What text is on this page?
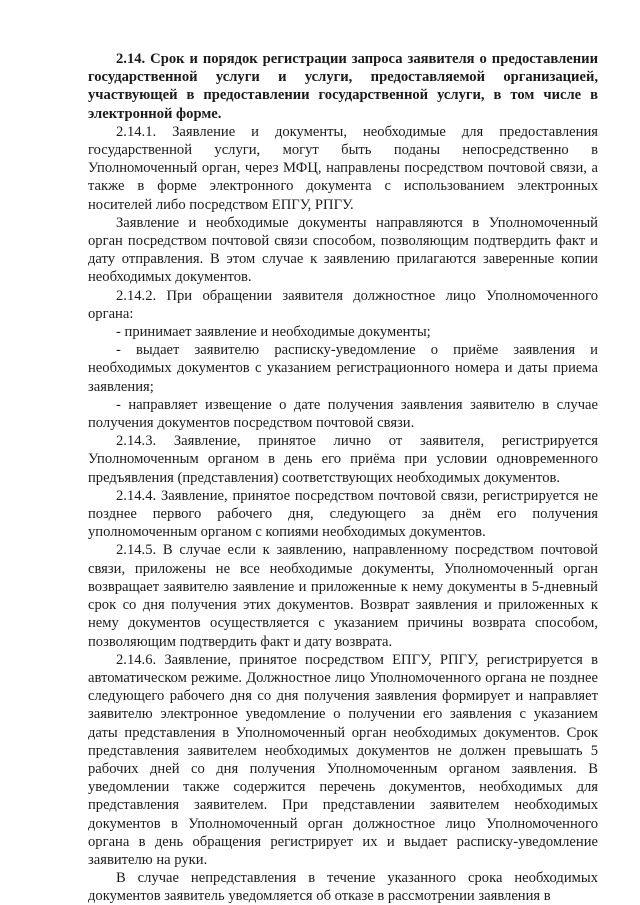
2.14. Срок и порядок регистрации запроса заявителя о предоставлении государственной услуги и услуги, предоставляемой организацией, участвующей в предоставлении государственной услуги, в том числе в электронной форме.

2.14.1. Заявление и документы, необходимые для предоставления государственной услуги, могут быть поданы непосредственно в Уполномоченный орган, через МФЦ, направлены посредством почтовой связи, а также в форме электронного документа с использованием электронных носителей либо посредством ЕПГУ, РПГУ.

Заявление и необходимые документы направляются в Уполномоченный орган посредством почтовой связи способом, позволяющим подтвердить факт и дату отправления. В этом случае к заявлению прилагаются заверенные копии необходимых документов.

2.14.2. При обращении заявителя должностное лицо Уполномоченного органа:

- принимает заявление и необходимые документы;

- выдает заявителю расписку-уведомление о приёме заявления и необходимых документов с указанием регистрационного номера и даты приема заявления;

- направляет извещение о дате получения заявления заявителю в случае получения документов посредством почтовой связи.

2.14.3. Заявление, принятое лично от заявителя, регистрируется Уполномоченным органом в день его приёма при условии одновременного предъявления (представления) соответствующих необходимых документов.

2.14.4. Заявление, принятое посредством почтовой связи, регистрируется не позднее первого рабочего дня, следующего за днём его получения уполномоченным органом с копиями необходимых документов.

2.14.5. В случае если к заявлению, направленному посредством почтовой связи, приложены не все необходимые документы, Уполномоченный орган возвращает заявителю заявление и приложенные к нему документы в 5-дневный срок со дня получения этих документов. Возврат заявления и приложенных к нему документов осуществляется с указанием причины возврата способом, позволяющим подтвердить факт и дату возврата.

2.14.6. Заявление, принятое посредством ЕПГУ, РПГУ, регистрируется в автоматическом режиме. Должностное лицо Уполномоченного органа не позднее следующего рабочего дня со дня получения заявления формирует и направляет заявителю электронное уведомление о получении его заявления с указанием даты представления в Уполномоченный орган необходимых документов. Срок представления заявителем необходимых документов не должен превышать 5 рабочих дней со дня получения Уполномоченным органом заявления. В уведомлении также содержится перечень документов, необходимых для представления заявителем. При представлении заявителем необходимых документов в Уполномоченный орган должностное лицо Уполномоченного органа в день обращения регистрирует их и выдает расписку-уведомление заявителю на руки.

В случае непредставления в течение указанного срока необходимых документов заявитель уведомляется об отказе в рассмотрении заявления в
